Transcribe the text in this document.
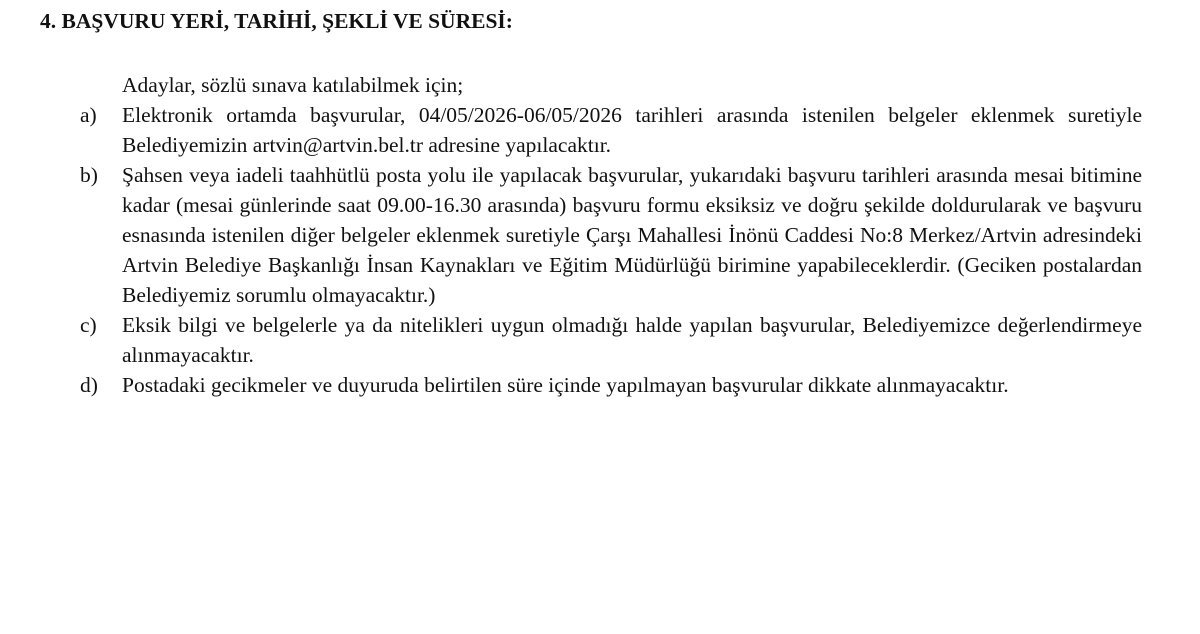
4. BAŞVURU YERİ, TARİHİ, ŞEKLİ VE SÜRESİ:
Adaylar, sözlü sınava katılabilmek için;
a)	Elektronik ortamda başvurular, 04/05/2026-06/05/2026 tarihleri arasında istenilen belgeler eklenmek suretiyle Belediyemizin artvin@artvin.bel.tr adresine yapılacaktır.
b)	Şahsen veya iadeli taahhütlü posta yolu ile yapılacak başvurular, yukarıdaki başvuru tarihleri arasında mesai bitimine kadar (mesai günlerinde saat 09.00-16.30 arasında) başvuru formu eksiksiz ve doğru şekilde doldurularak ve başvuru esnasında istenilen diğer belgeler eklenmek suretiyle Çarşı Mahallesi İnönü Caddesi No:8 Merkez/Artvin adresindeki Artvin Belediye Başkanlığı İnsan Kaynakları ve Eğitim Müdürlüğü birimine yapabileceklerdir. (Geciken postalardan Belediyemiz sorumlu olmayacaktır.)
c)	Eksik bilgi ve belgelerle ya da nitelikleri uygun olmadığı halde yapılan başvurular, Belediyemizce değerlendirmeye alınmayacaktır.
d)	Postadaki gecikmeler ve duyuruda belirtilen süre içinde yapılmayan başvurular dikkate alınmayacaktır.
